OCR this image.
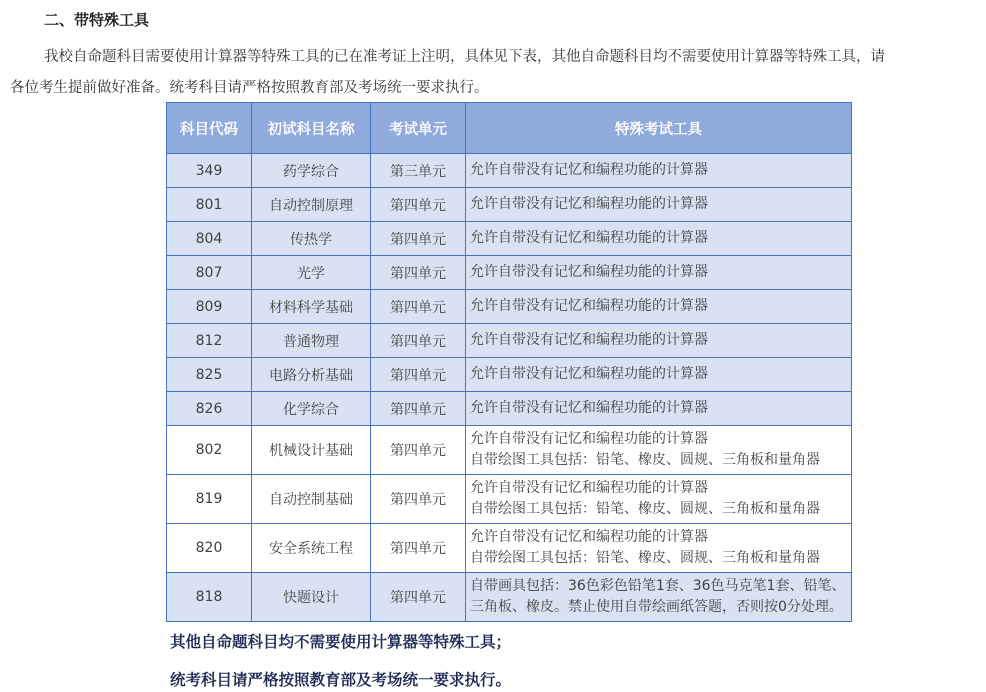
二、带特殊工具
我校自命题科目需要使用计算器等特殊工具的已在准考证上注明，具体见下表，其他自命题科目均不需要使用计算器等特殊工具，请
各位考生提前做好准备。统考科目请严格按照教育部及考场统一要求执行。
科目代码	初试科目名称	考试单元	特殊考试工具
349	药学综合	第三单元	允许自带没有记忆和编程功能的计算器

801	自动控制原理	第四单元	允许自带没有记忆和编程功能的计算器

804	传热学	第四单元	允许自带没有记忆和编程功能的计算器

807	光学	第四单元	允许自带没有记忆和编程功能的计算器

809	材料科学基础	第四单元	允许自带没有记忆和编程功能的计算器

812	普通物理	第四单元	允许自带没有记忆和编程功能的计算器

825	电路分析基础	第四单元	允许自带没有记忆和编程功能的计算器

826	化学综合	第四单元	允许自带没有记忆和编程功能的计算器

802	机械设计基础	第四单元	允许自带没有记忆和编程功能的计算器
自带绘图工具包括：铅笔、橡皮、圆规、三角板和量角器

819	自动控制基础	第四单元	允许自带没有记忆和编程功能的计算器
自带绘图工具包括：铅笔、橡皮、圆规、三角板和量角器

820	安全系统工程	第四单元	允许自带没有记忆和编程功能的计算器
自带绘图工具包括：铅笔、橡皮、圆规、三角板和量角器

818	快题设计	第四单元	自带画具包括：36色彩色铅笔1套、36色马克笔1套、铅笔、
三角板、橡皮。禁止使用自带绘画纸答题，否则按0分处理。
其他自命题科目均不需要使用计算器等特殊工具；
统考科目请严格按照教育部及考场统一要求执行。
